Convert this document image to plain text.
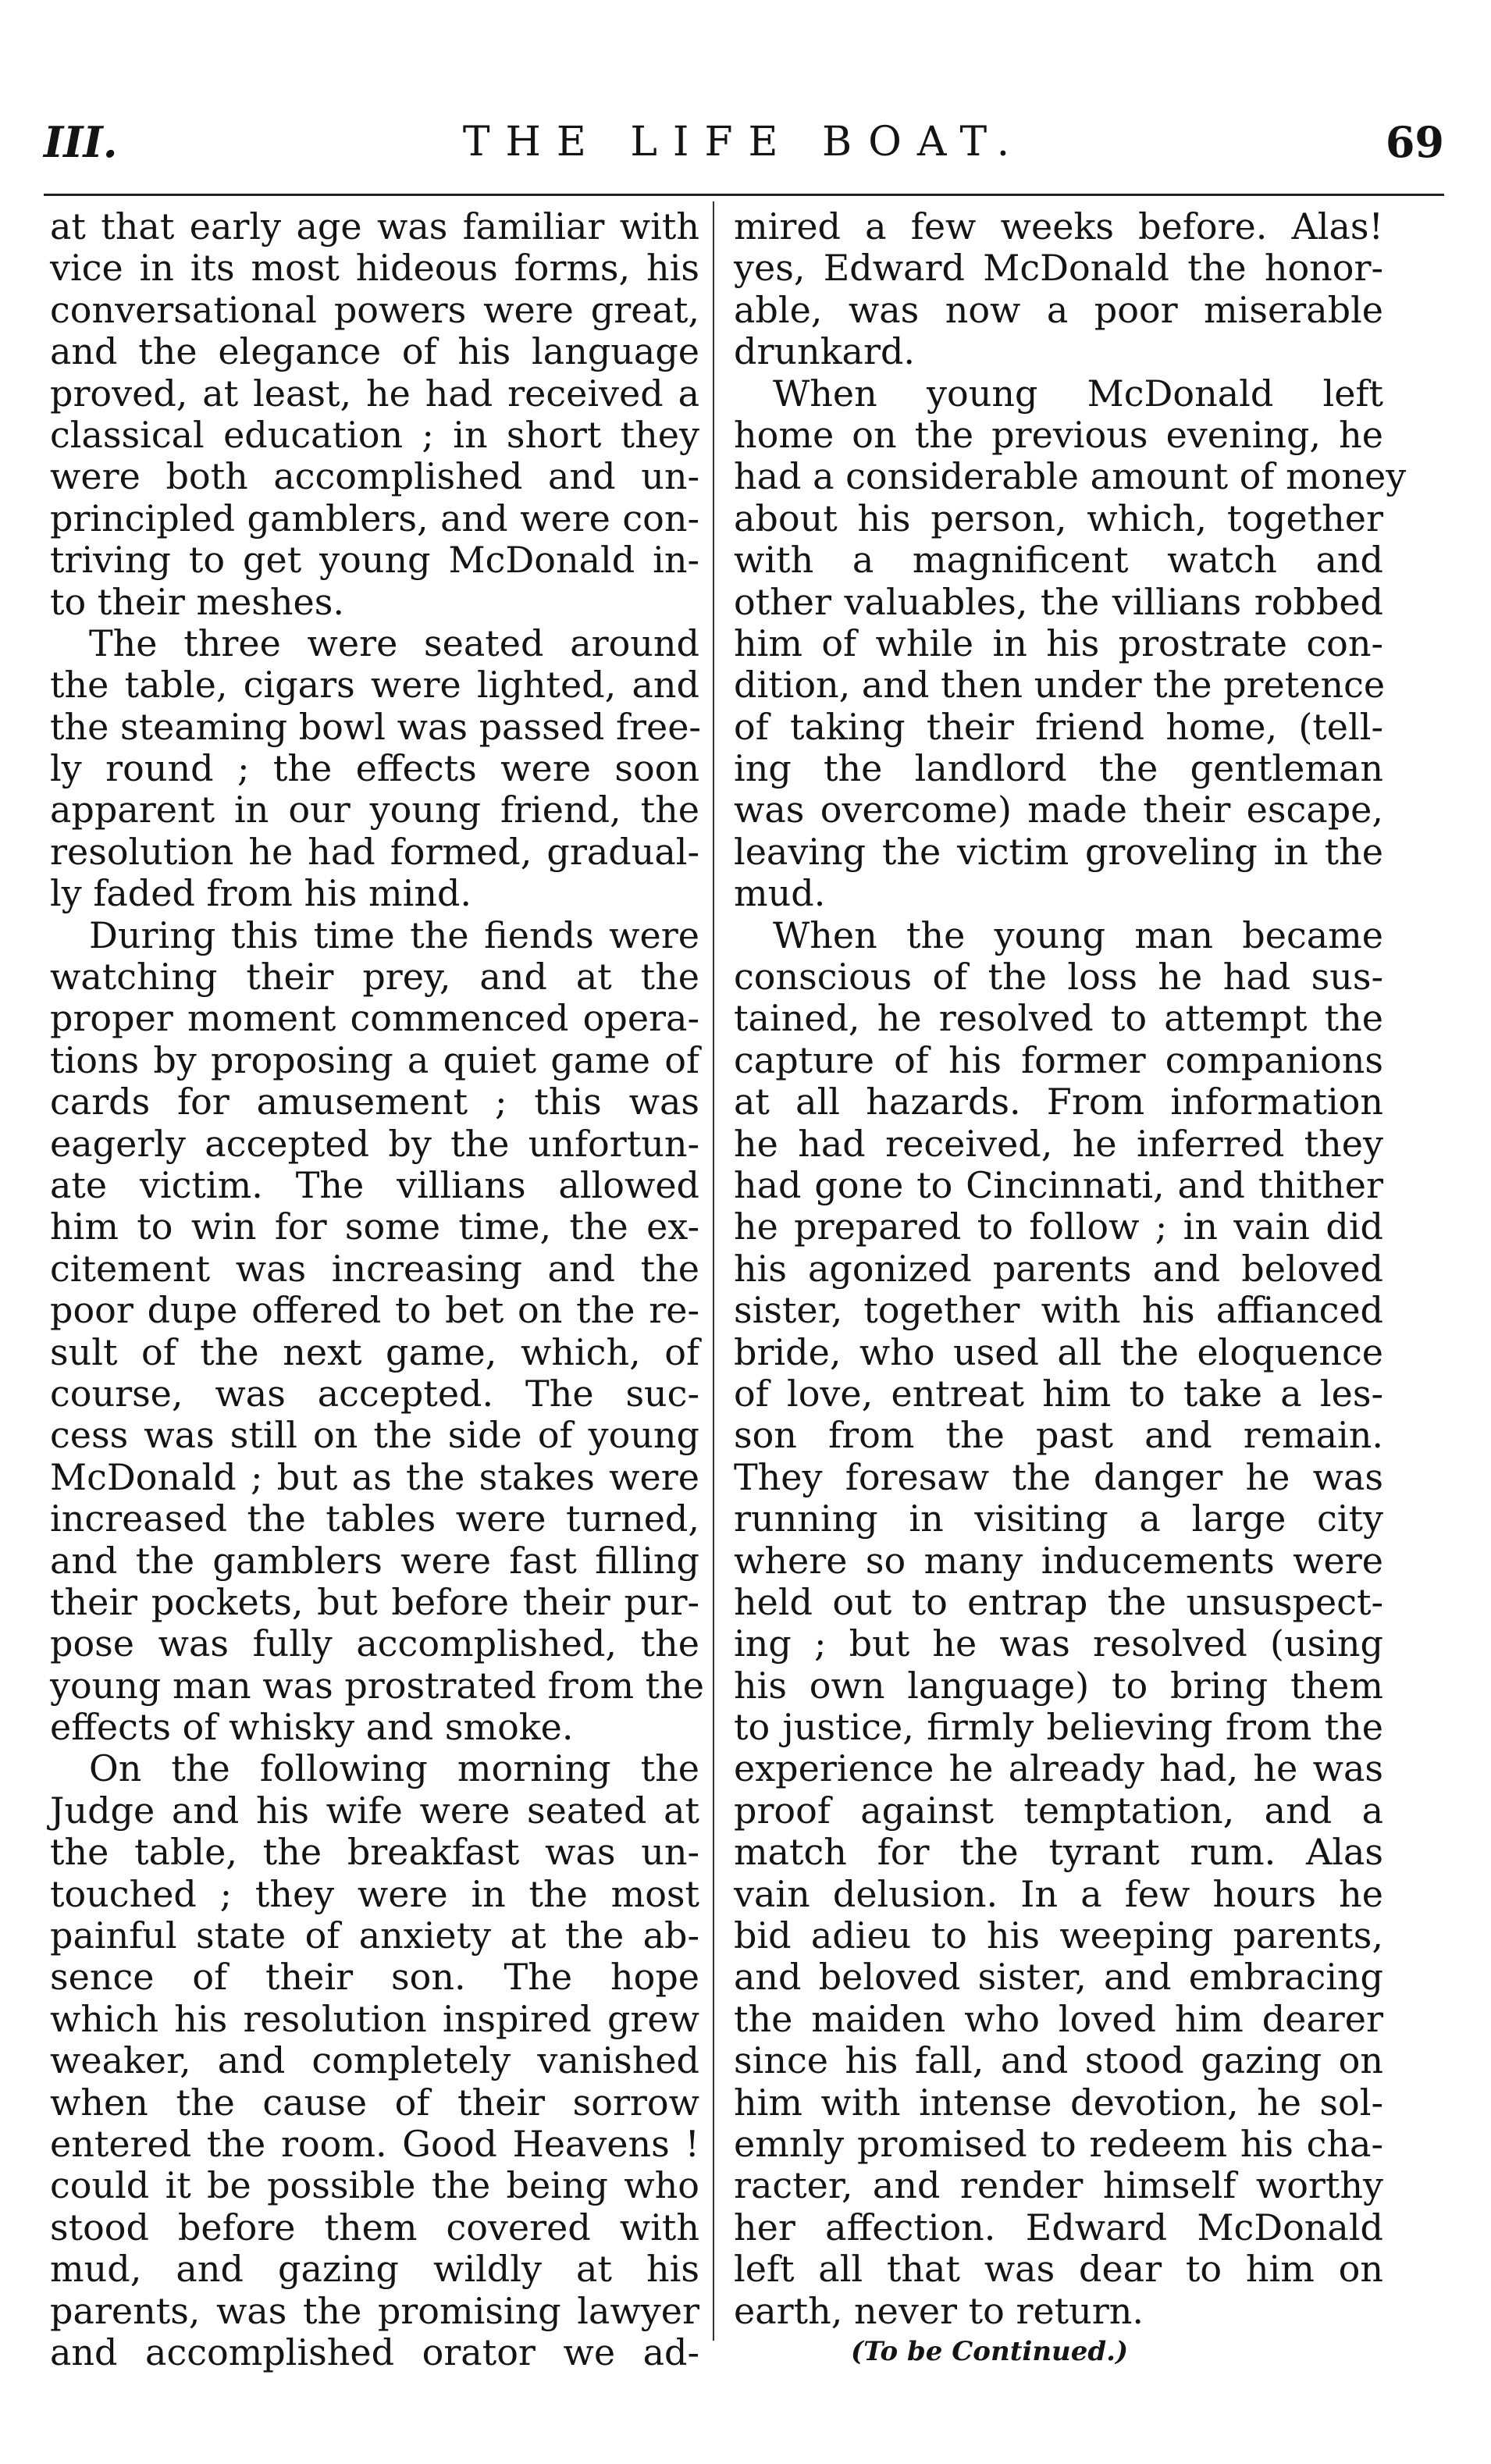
III.	THE LIFE BOAT.	69
at that early age was familiar with
vice in its most hideous forms, his
conversational powers were great,
and the elegance of his language
proved, at least, he had received a
classical education ; in short they
were both accomplished and un-
principled gamblers, and were con-
triving to get young McDonald in-
to their meshes.
The three were seated around
the table, cigars were lighted, and
the steaming bowl was passed free-
ly round ; the effects were soon
apparent in our young friend, the
resolution he had formed, gradual-
ly faded from his mind.
During this time the fiends were
watching their prey, and at the
proper moment commenced opera-
tions by proposing a quiet game of
cards for amusement ; this was
eagerly accepted by the unfortun-
ate victim. The villians allowed
him to win for some time, the ex-
citement was increasing and the
poor dupe offered to bet on the re-
sult of the next game, which, of
course, was accepted. The suc-
cess was still on the side of young
McDonald ; but as the stakes were
increased the tables were turned,
and the gamblers were fast filling
their pockets, but before their pur-
pose was fully accomplished, the
young man was prostrated from the
effects of whisky and smoke.
On the following morning the
Judge and his wife were seated at
the table, the breakfast was un-
touched ; they were in the most
painful state of anxiety at the ab-
sence of their son. The hope
which his resolution inspired grew
weaker, and completely vanished
when the cause of their sorrow
entered the room. Good Heavens !
could it be possible the being who
stood before them covered with
mud, and gazing wildly at his
parents, was the promising lawyer
and accomplished orator we ad-
mired a few weeks before. Alas!
yes, Edward McDonald the honor-
able, was now a poor miserable
drunkard.
When young McDonald left
home on the previous evening, he
had a considerable amount of money
about his person, which, together
with a magnificent watch and
other valuables, the villians robbed
him of while in his prostrate con-
dition, and then under the pretence
of taking their friend home, (tell-
ing the landlord the gentleman
was overcome) made their escape,
leaving the victim groveling in the
mud.
When the young man became
conscious of the loss he had sus-
tained, he resolved to attempt the
capture of his former companions
at all hazards. From information
he had received, he inferred they
had gone to Cincinnati, and thither
he prepared to follow ; in vain did
his agonized parents and beloved
sister, together with his affianced
bride, who used all the eloquence
of love, entreat him to take a les-
son from the past and remain.
They foresaw the danger he was
running in visiting a large city
where so many inducements were
held out to entrap the unsuspect-
ing ; but he was resolved (using
his own language) to bring them
to justice, firmly believing from the
experience he already had, he was
proof against temptation, and a
match for the tyrant rum. Alas
vain delusion. In a few hours he
bid adieu to his weeping parents,
and beloved sister, and embracing
the maiden who loved him dearer
since his fall, and stood gazing on
him with intense devotion, he sol-
emnly promised to redeem his cha-
racter, and render himself worthy
her affection. Edward McDonald
left all that was dear to him on
earth, never to return.
(To be Continued.)
